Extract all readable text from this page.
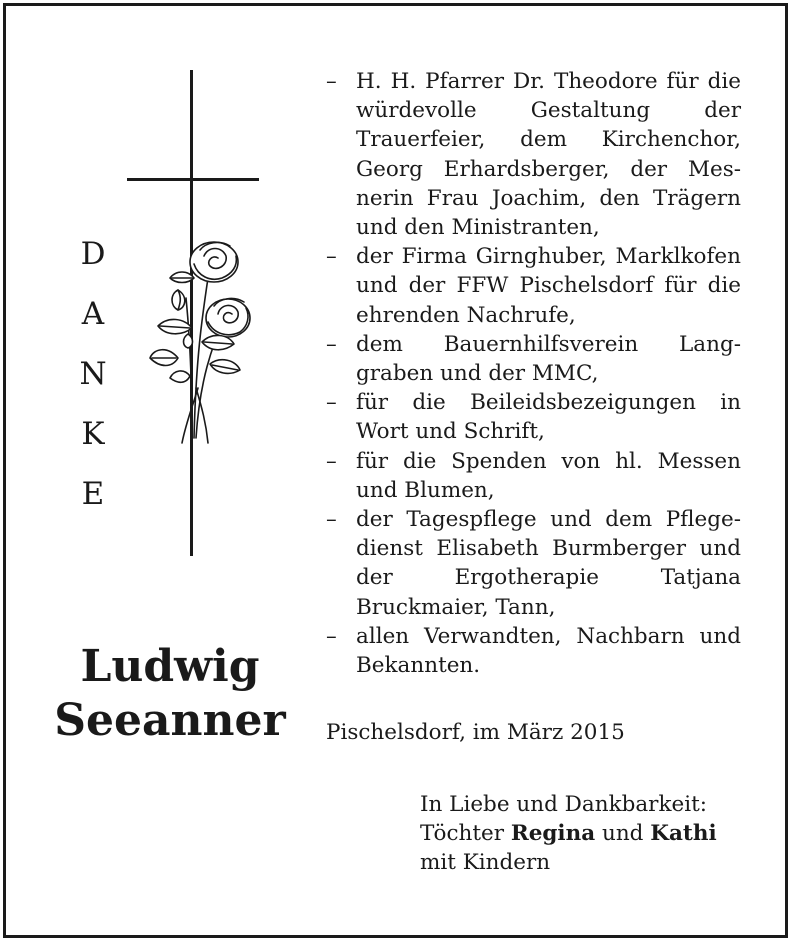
D
A
N
K
E
Ludwig
Seeanner
– H. H. Pfarrer Dr. Theodore für die würdevolle Gestaltung der Trauerfeier, dem Kirchenchor, Georg Erhardsberger, der Mesnerin Frau Joachim, den Trägern und den Ministranten,
– der Firma Girnghuber, Marklkofen und der FFW Pischelsdorf für die ehrenden Nachrufe,
– dem Bauernhilfsverein Langgraben und der MMC,
– für die Beileidsbezeigungen in Wort und Schrift,
– für die Spenden von hl. Messen und Blumen,
– der Tagespflege und dem Pflegedienst Elisabeth Burmberger und der Ergotherapie Tatjana Bruckmaier, Tann,
– allen Verwandten, Nachbarn und Bekannten.
Pischelsdorf, im März 2015
In Liebe und Dankbarkeit:
Töchter Regina und Kathi
mit Kindern
